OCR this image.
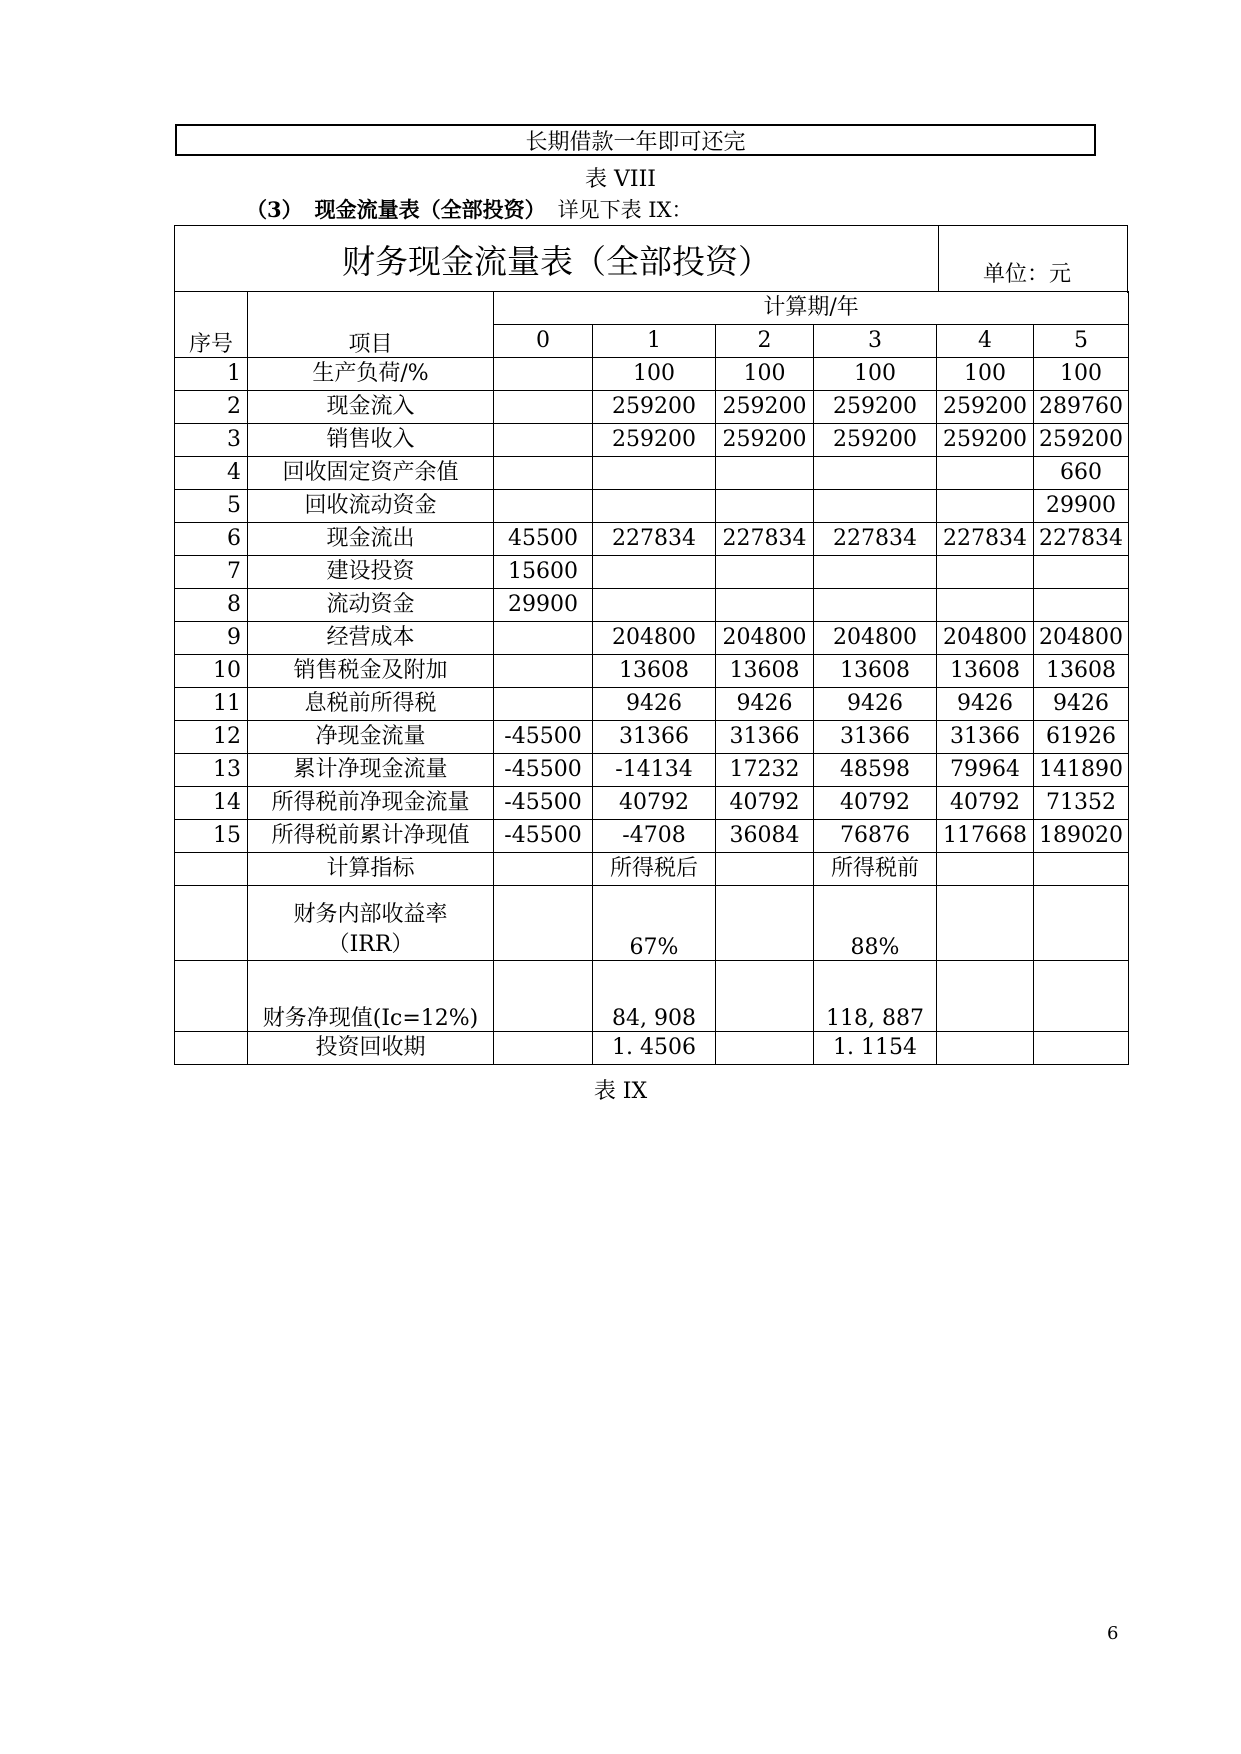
长期借款一年即可还完
表 VIII
（3） 现金流量表（全部投资） 详见下表 IX：
财务现金流量表（全部投资）	单位：元
序号	项目	计算期/年					
		0	1	2	3	4	5
1	生产负荷/%		100	100	100	100	100
2	现金流入		259200	259200	259200	259200	289760
3	销售收入		259200	259200	259200	259200	259200
4	回收固定资产余值						660
5	回收流动资金						29900
6	现金流出	45500	227834	227834	227834	227834	227834
7	建设投资	15600					
8	流动资金	29900					
9	经营成本		204800	204800	204800	204800	204800
10	销售税金及附加		13608	13608	13608	13608	13608
11	息税前所得税		9426	9426	9426	9426	9426
12	净现金流量	-45500	31366	31366	31366	31366	61926
13	累计净现金流量	-45500	-14134	17232	48598	79964	141890
14	所得税前净现金流量	-45500	40792	40792	40792	40792	71352
15	所得税前累计净现值	-45500	-4708	36084	76876	117668	189020
	计算指标		所得税后		所得税前		

	财务内部收益率
（IRR）		67%		88%		
	财务净现值(Ic=12%)		84, 908		118, 887		
	投资回收期		1. 4506		1. 1154		
表 IX
6
